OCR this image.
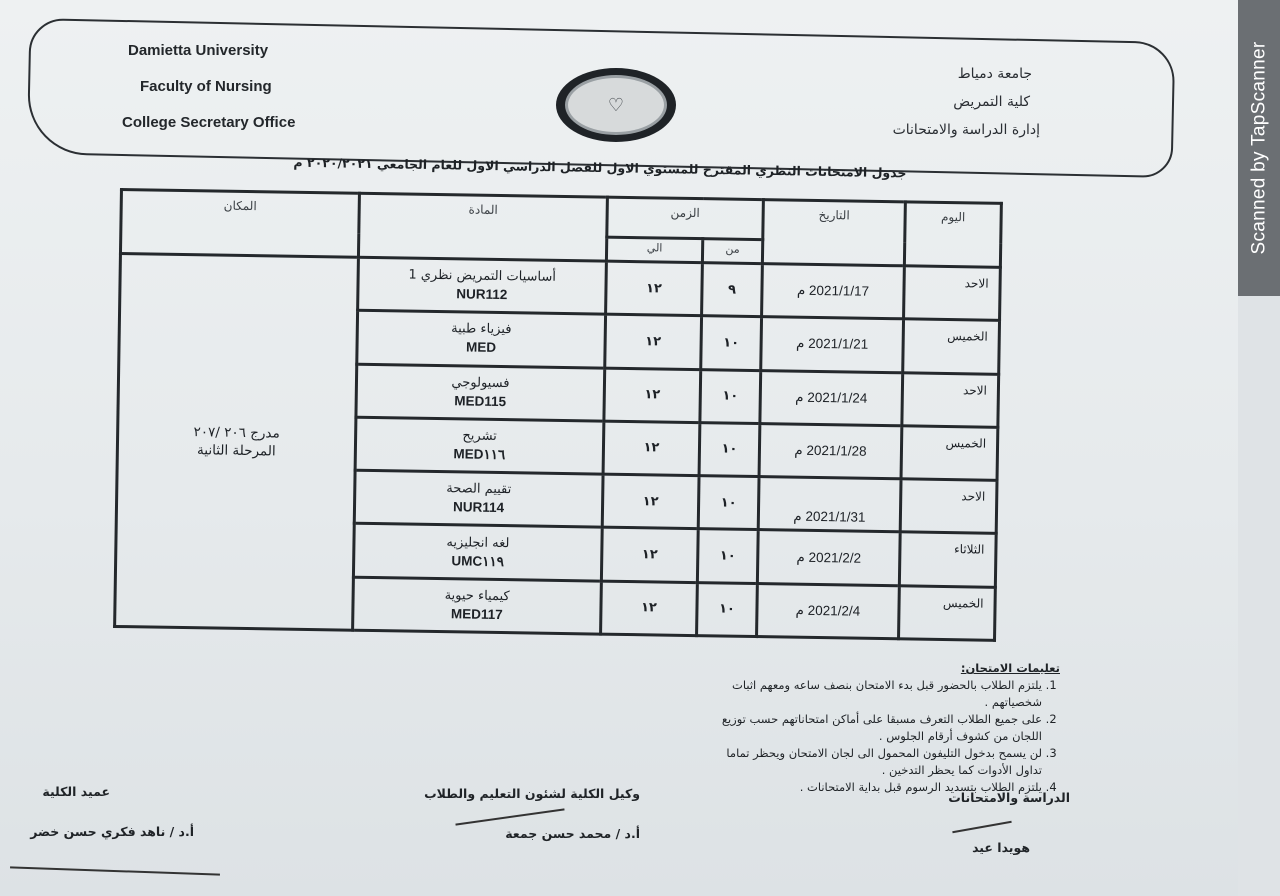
Damietta University
Faculty of Nursing
College Secretary Office
جامعة دمياط
كلية التمريض
إدارة الدراسة والامتحانات
♡
جدول الامتحانات النظري المقترح للمستوي الاول للفصل الدراسي الاول للعام الجامعي ٢٠٢٠/٢٠٢١ م
اليوم	التاريخ	الزمن		المادة	المكان
		من	الي		
الاحد	2021/1/17 م	٩	١٢	أساسيات التمريض نظري 1
NUR112	مدرج ٢٠٦ /٢٠٧
المرحلة الثانية

الخميس	2021/1/21 م	١٠	١٢	فيزياء طبية
MED	

الاحد	2021/1/24 م	١٠	١٢	فسيولوجي
MED115	

الخميس	2021/1/28 م	١٠	١٢	تشريح
MED١١٦	

الاحد	2021/1/31 م	١٠	١٢	تقييم الصحة
NUR114	

الثلاثاء	2021/2/2 م	١٠	١٢	لغه انجليزيه
UMC١١٩	

الخميس	2021/2/4 م	١٠	١٢	كيمياء حيوية
MED117	
تعليمات الامتحان:
1. يلتزم الطلاب بالحضور قبل بدء الامتحان بنصف ساعه ومعهم اثبات شخصياتهم .
2. على جميع الطلاب التعرف مسبقا على أماكن امتحاناتهم حسب توزيع اللجان من كشوف أرقام الجلوس .
3. لن يسمح بدخول التليفون المحمول الى لجان الامتحان ويحظر تماما تداول الأدوات كما يحظر التدخين .
4. يلتزم الطلاب بتسديد الرسوم قبل بداية الامتحانات .
عميد الكلية
أ.د / ناهد فكري حسن خضر
وكيل الكلية لشئون التعليم والطلاب
أ.د / محمد حسن جمعة
الدراسة والامتحانات
هويدا عيد
Scanned by TapScanner
